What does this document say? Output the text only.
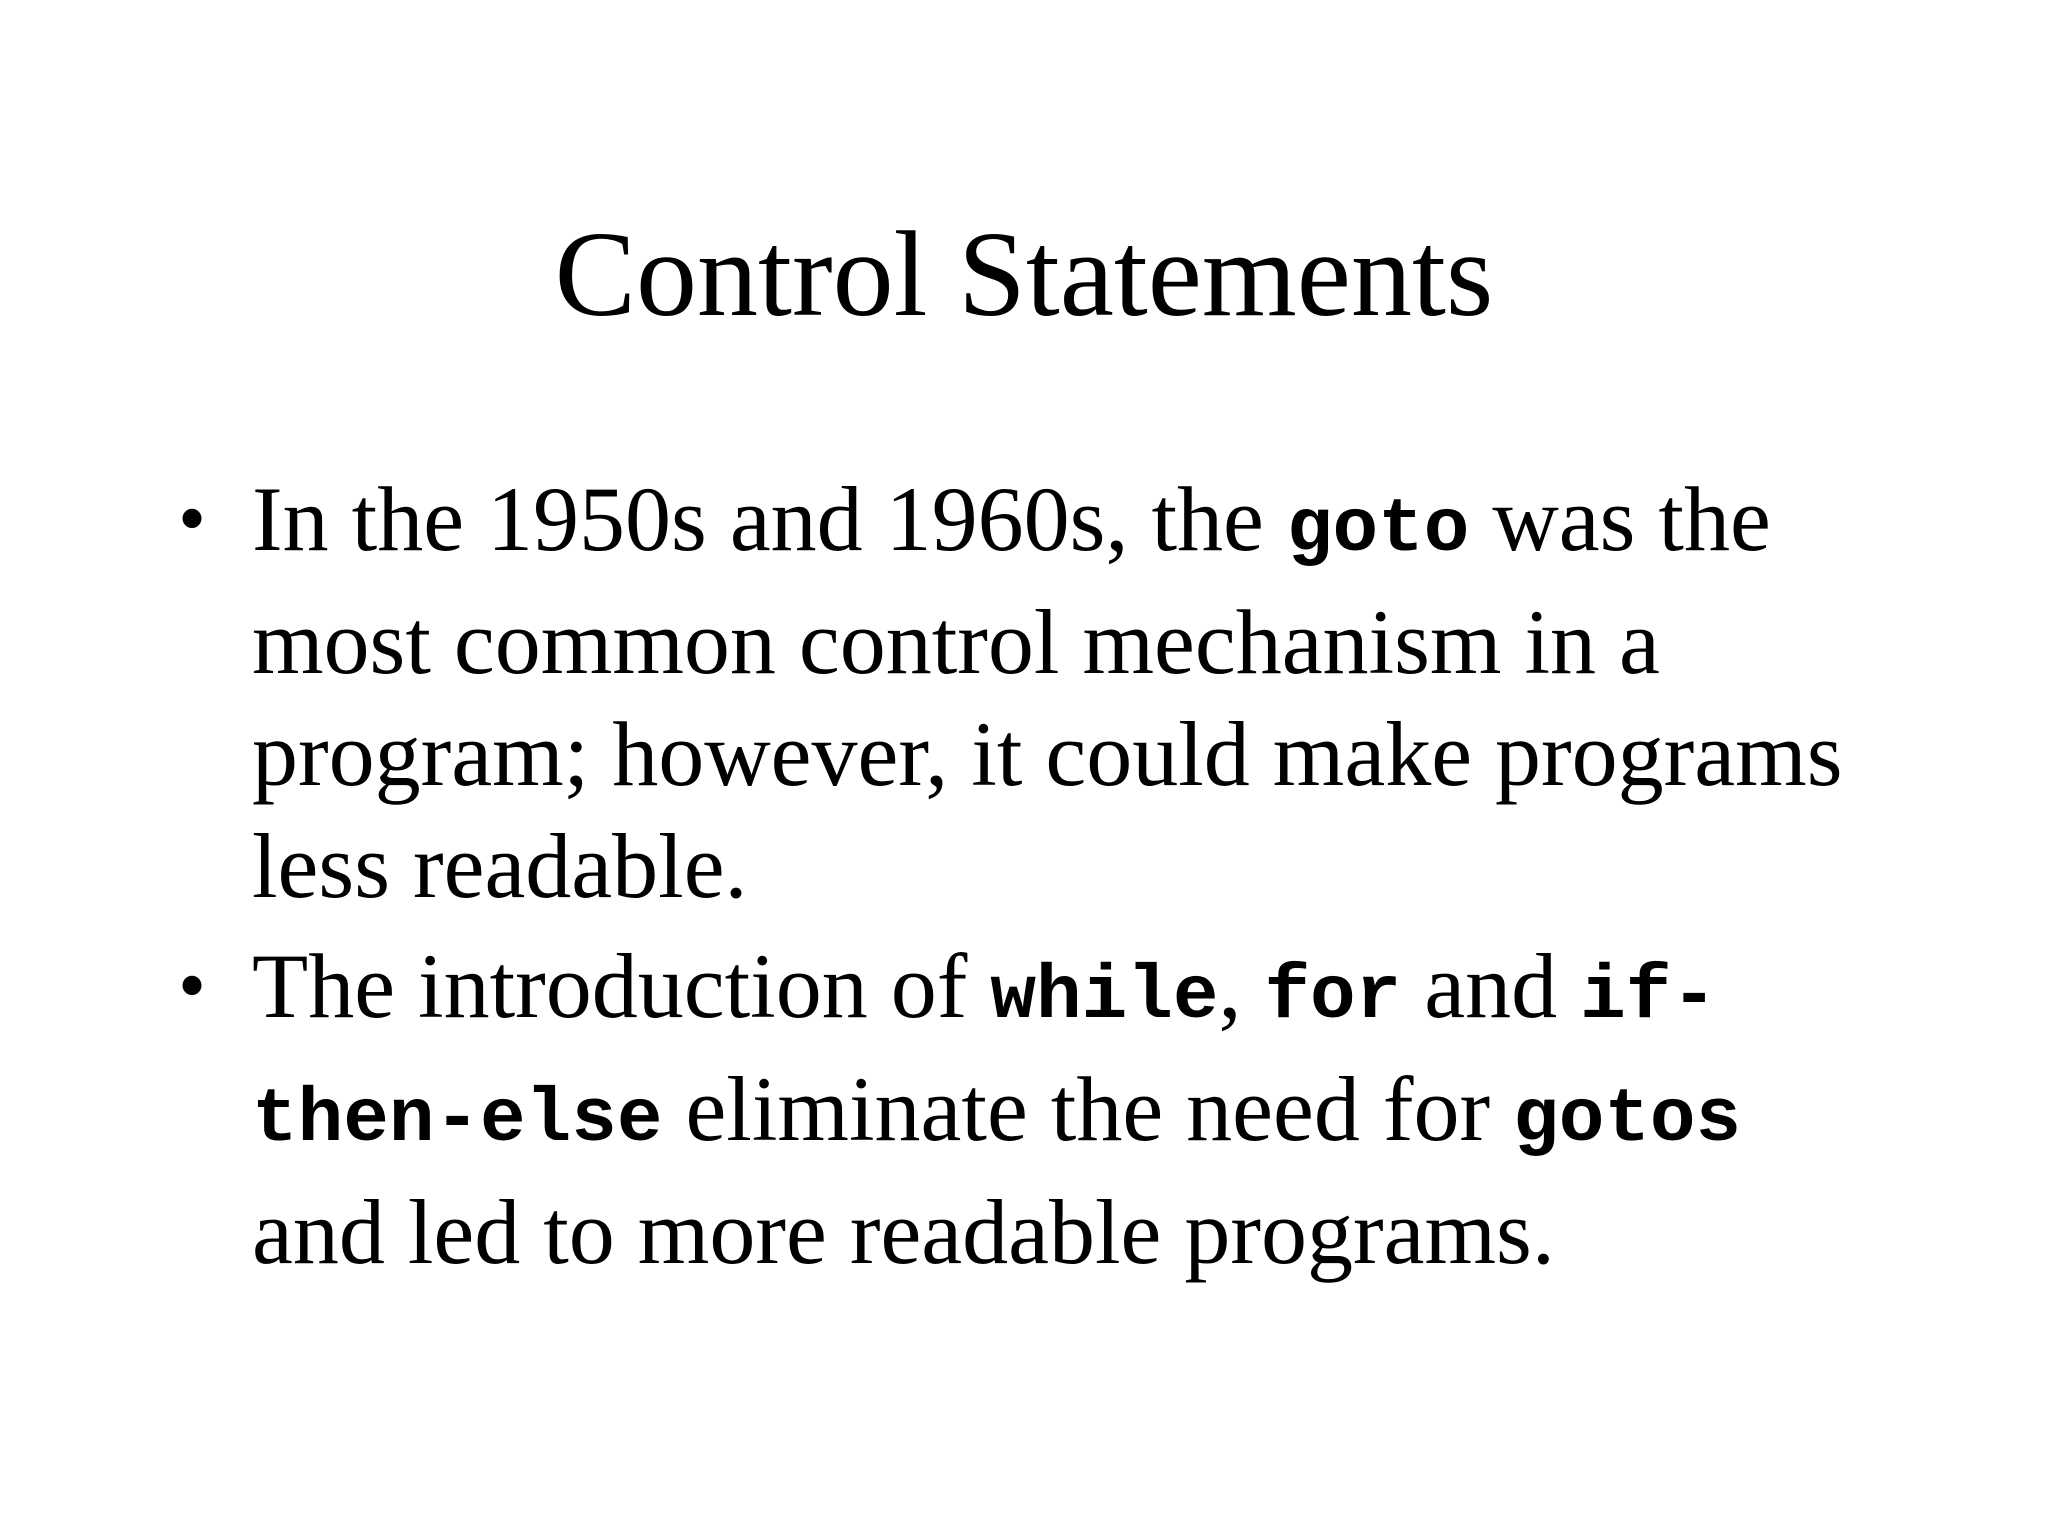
Control Statements
• In the 1950s and 1960s, the goto was the
most common control mechanism in a
program; however, it could make programs
less readable.
• The introduction of while, for and if-
then-else eliminate the need for gotos
and led to more readable programs.
